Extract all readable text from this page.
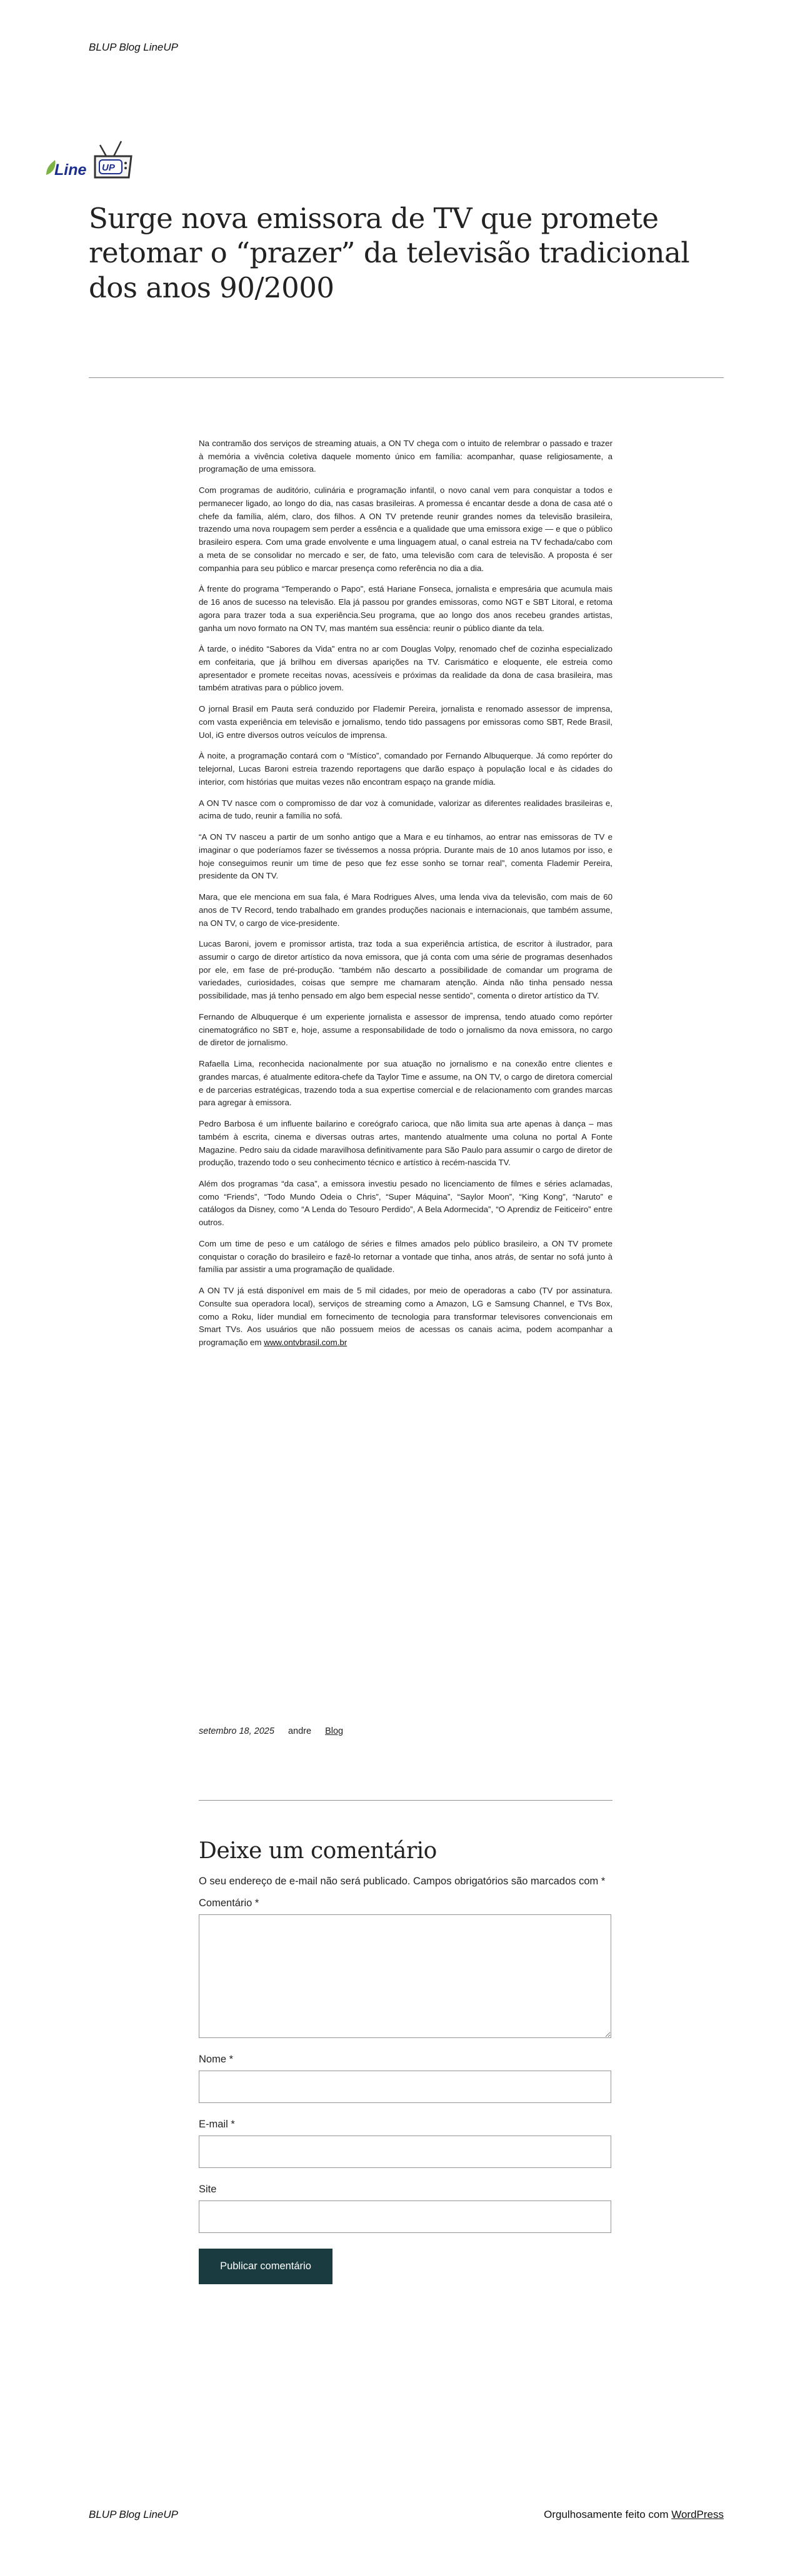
BLUP Blog LineUP
Line UP
Surge nova emissora de TV que promete retomar o “prazer” da televisão tradicional dos anos 90/2000

Na contramão dos serviços de streaming atuais, a ON TV chega com o intuito de relembrar o passado e trazer à memória a vivência coletiva daquele momento único em família: acompanhar, quase religiosamente, a programação de uma emissora.

Com programas de auditório, culinária e programação infantil, o novo canal vem para conquistar a todos e permanecer ligado, ao longo do dia, nas casas brasileiras. A promessa é encantar desde a dona de casa até o chefe da família, além, claro, dos filhos. A ON TV pretende reunir grandes nomes da televisão brasileira, trazendo uma nova roupagem sem perder a essência e a qualidade que uma emissora exige — e que o público brasileiro espera. Com uma grade envolvente e uma linguagem atual, o canal estreia na TV fechada/cabo com a meta de se consolidar no mercado e ser, de fato, uma televisão com cara de televisão. A proposta é ser companhia para seu público e marcar presença como referência no dia a dia.

À frente do programa “Temperando o Papo”, está Hariane Fonseca, jornalista e empresária que acumula mais de 16 anos de sucesso na televisão. Ela já passou por grandes emissoras, como NGT e SBT Litoral, e retoma agora para trazer toda a sua experiência.Seu programa, que ao longo dos anos recebeu grandes artistas, ganha um novo formato na ON TV, mas mantém sua essência: reunir o público diante da tela.

À tarde, o inédito “Sabores da Vida” entra no ar com Douglas Volpy, renomado chef de cozinha especializado em confeitaria, que já brilhou em diversas aparições na TV. Carismático e eloquente, ele estreia como apresentador e promete receitas novas, acessíveis e próximas da realidade da dona de casa brasileira, mas também atrativas para o público jovem.

O jornal Brasil em Pauta será conduzido por Flademir Pereira, jornalista e renomado assessor de imprensa, com vasta experiência em televisão e jornalismo, tendo tido passagens por emissoras como SBT, Rede Brasil, Uol, iG entre diversos outros veículos de imprensa.

À noite, a programação contará com o “Místico”, comandado por Fernando Albuquerque. Já como repórter do telejornal, Lucas Baroni estreia trazendo reportagens que darão espaço à população local e às cidades do interior, com histórias que muitas vezes não encontram espaço na grande mídia.

A ON TV nasce com o compromisso de dar voz à comunidade, valorizar as diferentes realidades brasileiras e, acima de tudo, reunir a família no sofá.

“A ON TV nasceu a partir de um sonho antigo que a Mara e eu tínhamos, ao entrar nas emissoras de TV e imaginar o que poderíamos fazer se tivéssemos a nossa própria. Durante mais de 10 anos lutamos por isso, e hoje conseguimos reunir um time de peso que fez esse sonho se tornar real”, comenta Flademir Pereira, presidente da ON TV.

Mara, que ele menciona em sua fala, é Mara Rodrigues Alves, uma lenda viva da televisão, com mais de 60 anos de TV Record, tendo trabalhado em grandes produções nacionais e internacionais, que também assume, na ON TV, o cargo de vice-presidente.

Lucas Baroni, jovem e promissor artista, traz toda a sua experiência artística, de escritor à ilustrador, para assumir o cargo de diretor artístico da nova emissora, que já conta com uma série de programas desenhados por ele, em fase de pré-produção. “também não descarto a possibilidade de comandar um programa de variedades, curiosidades, coisas que sempre me chamaram atenção. Ainda não tinha pensado nessa possibilidade, mas já tenho pensado em algo bem especial nesse sentido”, comenta o diretor artístico da TV.

Fernando de Albuquerque é um experiente jornalista e assessor de imprensa, tendo atuado como repórter cinematográfico no SBT e, hoje, assume a responsabilidade de todo o jornalismo da nova emissora, no cargo de diretor de jornalismo.

Rafaella Lima, reconhecida nacionalmente por sua atuação no jornalismo e na conexão entre clientes e grandes marcas, é atualmente editora-chefe da Taylor Time e assume, na ON TV, o cargo de diretora comercial e de parcerias estratégicas, trazendo toda a sua expertise comercial e de relacionamento com grandes marcas para agregar à emissora.

Pedro Barbosa é um influente bailarino e coreógrafo carioca, que não limita sua arte apenas à dança – mas também à escrita, cinema e diversas outras artes, mantendo atualmente uma coluna no portal A Fonte Magazine. Pedro saiu da cidade maravilhosa definitivamente para São Paulo para assumir o cargo de diretor de produção, trazendo todo o seu conhecimento técnico e artístico à recém-nascida TV.

Além dos programas “da casa”, a emissora investiu pesado no licenciamento de filmes e séries aclamadas, como “Friends”, “Todo Mundo Odeia o Chris”, “Super Máquina”, “Saylor Moon”, “King Kong”, “Naruto” e catálogos da Disney, como “A Lenda do Tesouro Perdido”, A Bela Adormecida”, “O Aprendiz de Feiticeiro” entre outros.

Com um time de peso e um catálogo de séries e filmes amados pelo público brasileiro, a ON TV promete conquistar o coração do brasileiro e fazê-lo retornar a vontade que tinha, anos atrás, de sentar no sofá junto à família par assistir a uma programação de qualidade.

A ON TV já está disponível em mais de 5 mil cidades, por meio de operadoras a cabo (TV por assinatura. Consulte sua operadora local), serviços de streaming como a Amazon, LG e Samsung Channel, e TVs Box, como a Roku, líder mundial em fornecimento de tecnologia para transformar televisores convencionais em Smart TVs. Aos usuários que não possuem meios de acessas os canais acima, podem acompanhar a programação em www.ontvbrasil.com.br

setembro 18, 2025 andre Blog
Deixe um comentário

O seu endereço de e-mail não será publicado. Campos obrigatórios são marcados com *

Comentário *
Nome *
E-mail *
Site
Publicar comentário
BLUP Blog LineUP	Orgulhosamente feito com WordPress
